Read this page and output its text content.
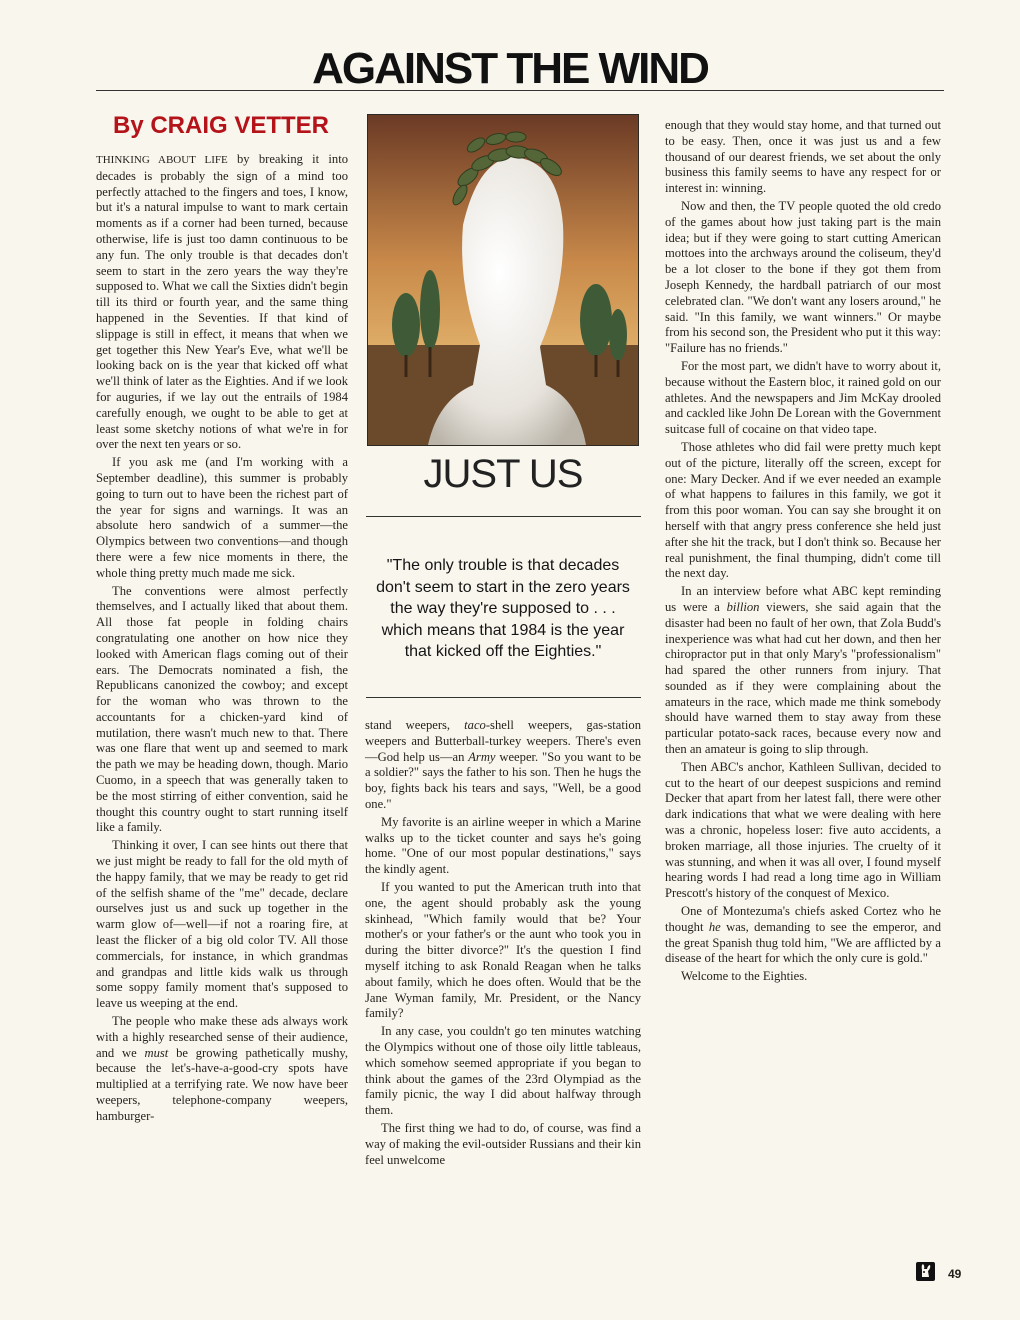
AGAINST THE WIND
By CRAIG VETTER

THINKING ABOUT LIFE by breaking it into decades is probably the sign of a mind too perfectly attached to the fingers and toes, I know, but it's a natural impulse to want to mark certain moments as if a corner had been turned, because otherwise, life is just too damn continuous to be any fun. The only trouble is that decades don't seem to start in the zero years the way they're supposed to. What we call the Sixties didn't begin till its third or fourth year, and the same thing happened in the Seventies. If that kind of slippage is still in effect, it means that when we get together this New Year's Eve, what we'll be looking back on is the year that kicked off what we'll think of later as the Eighties. And if we look for auguries, if we lay out the entrails of 1984 carefully enough, we ought to be able to get at least some sketchy notions of what we're in for over the next ten years or so.

If you ask me (and I'm working with a September deadline), this summer is probably going to turn out to have been the richest part of the year for signs and warnings. It was an absolute hero sandwich of a summer—the Olympics between two conventions—and though there were a few nice moments in there, the whole thing pretty much made me sick.

The conventions were almost perfectly themselves, and I actually liked that about them. All those fat people in folding chairs congratulating one another on how nice they looked with American flags coming out of their ears. The Democrats nominated a fish, the Republicans canonized the cowboy; and except for the woman who was thrown to the accountants for a chicken-yard kind of mutilation, there wasn't much new to that. There was one flare that went up and seemed to mark the path we may be heading down, though. Mario Cuomo, in a speech that was generally taken to be the most stirring of either convention, said he thought this country ought to start running itself like a family.

Thinking it over, I can see hints out there that we just might be ready to fall for the old myth of the happy family, that we may be ready to get rid of the selfish shame of the "me" decade, declare ourselves just us and suck up together in the warm glow of—well—if not a roaring fire, at least the flicker of a big old color TV. All those commercials, for instance, in which grandmas and grandpas and little kids walk us through some soppy family moment that's supposed to leave us weeping at the end.

The people who make these ads always work with a highly researched sense of their audience, and we must be growing pathetically mushy, because the let's-have-a-good-cry spots have multiplied at a terrifying rate. We now have beer weepers, telephone-company weepers, hamburger-

JUST US
"The only trouble is that decades don't seem to start in the zero years the way they're supposed to . . . which means that 1984 is the year that kicked off the Eighties."

stand weepers, taco-shell weepers, gas-station weepers and Butterball-turkey weepers. There's even—God help us—an Army weeper. "So you want to be a soldier?" says the father to his son. Then he hugs the boy, fights back his tears and says, "Well, be a good one."

My favorite is an airline weeper in which a Marine walks up to the ticket counter and says he's going home. "One of our most popular destinations," says the kindly agent.

If you wanted to put the American truth into that one, the agent should probably ask the young skinhead, "Which family would that be? Your mother's or your father's or the aunt who took you in during the bitter divorce?" It's the question I find myself itching to ask Ronald Reagan when he talks about family, which he does often. Would that be the Jane Wyman family, Mr. President, or the Nancy family?

In any case, you couldn't go ten minutes watching the Olympics without one of those oily little tableaus, which somehow seemed appropriate if you began to think about the games of the 23rd Olympiad as the family picnic, the way I did about halfway through them.

The first thing we had to do, of course, was find a way of making the evil-outsider Russians and their kin feel unwelcome

enough that they would stay home, and that turned out to be easy. Then, once it was just us and a few thousand of our dearest friends, we set about the only business this family seems to have any respect for or interest in: winning.

Now and then, the TV people quoted the old credo of the games about how just taking part is the main idea; but if they were going to start cutting American mottoes into the archways around the coliseum, they'd be a lot closer to the bone if they got them from Joseph Kennedy, the hardball patriarch of our most celebrated clan. "We don't want any losers around," he said. "In this family, we want winners." Or maybe from his second son, the President who put it this way: "Failure has no friends."

For the most part, we didn't have to worry about it, because without the Eastern bloc, it rained gold on our athletes. And the newspapers and Jim McKay drooled and cackled like John De Lorean with the Government suitcase full of cocaine on that video tape.

Those athletes who did fail were pretty much kept out of the picture, literally off the screen, except for one: Mary Decker. And if we ever needed an example of what happens to failures in this family, we got it from this poor woman. You can say she brought it on herself with that angry press conference she held just after she hit the track, but I don't think so. Because her real punishment, the final thumping, didn't come till the next day.

In an interview before what ABC kept reminding us were a billion viewers, she said again that the disaster had been no fault of her own, that Zola Budd's inexperience was what had cut her down, and then her chiropractor put in that only Mary's "professionalism" had spared the other runners from injury. That sounded as if they were complaining about the amateurs in the race, which made me think somebody should have warned them to stay away from these particular potato-sack races, because every now and then an amateur is going to slip through.

Then ABC's anchor, Kathleen Sullivan, decided to cut to the heart of our deepest suspicions and remind Decker that apart from her latest fall, there were other dark indications that what we were dealing with here was a chronic, hopeless loser: five auto accidents, a broken marriage, all those injuries. The cruelty of it was stunning, and when it was all over, I found myself hearing words I had read a long time ago in William Prescott's history of the conquest of Mexico.

One of Montezuma's chiefs asked Cortez who he thought he was, demanding to see the emperor, and the great Spanish thug told him, "We are afflicted by a disease of the heart for which the only cure is gold."

Welcome to the Eighties.

49
